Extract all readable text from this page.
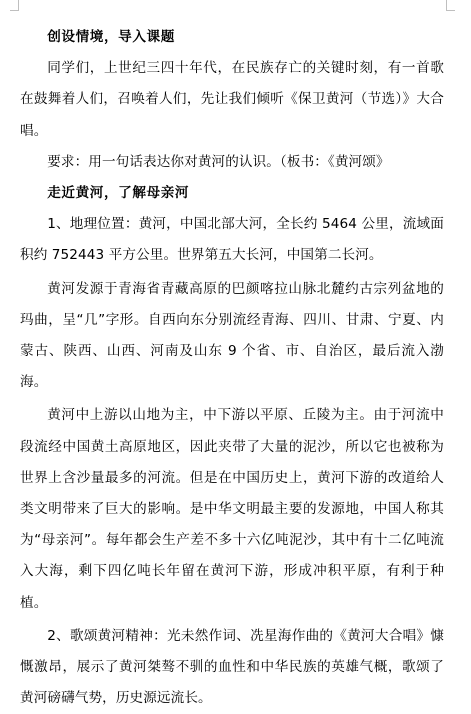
创设情境，导入课题

同学们，上世纪三四十年代，在民族存亡的关键时刻，有一首歌在鼓舞着人们，召唤着人们，先让我们倾听《保卫黄河（节选）》大合唱。

要求：用一句话表达你对黄河的认识。（板书：《黄河颂》

走近黄河，了解母亲河

1、地理位置：黄河，中国北部大河，全长约 5464 公里，流域面积约 752443 平方公里。世界第五大长河，中国第二长河。

黄河发源于青海省青藏高原的巴颜喀拉山脉北麓约古宗列盆地的玛曲，呈“几”字形。自西向东分别流经青海、四川、甘肃、宁夏、内蒙古、陕西、山西、河南及山东 9 个省、市、自治区，最后流入渤海。

黄河中上游以山地为主，中下游以平原、丘陵为主。由于河流中段流经中国黄土高原地区，因此夹带了大量的泥沙，所以它也被称为世界上含沙量最多的河流。但是在中国历史上，黄河下游的改道给人类文明带来了巨大的影响。是中华文明最主要的发源地，中国人称其为“母亲河”。每年都会生产差不多十六亿吨泥沙，其中有十二亿吨流入大海，剩下四亿吨长年留在黄河下游，形成冲积平原，有利于种植。

2、歌颂黄河精神：光未然作词、冼星海作曲的《黄河大合唱》慷慨激昂，展示了黄河桀骜不驯的血性和中华民族的英雄气概，歌颂了黄河磅礴气势，历史源远流长。
